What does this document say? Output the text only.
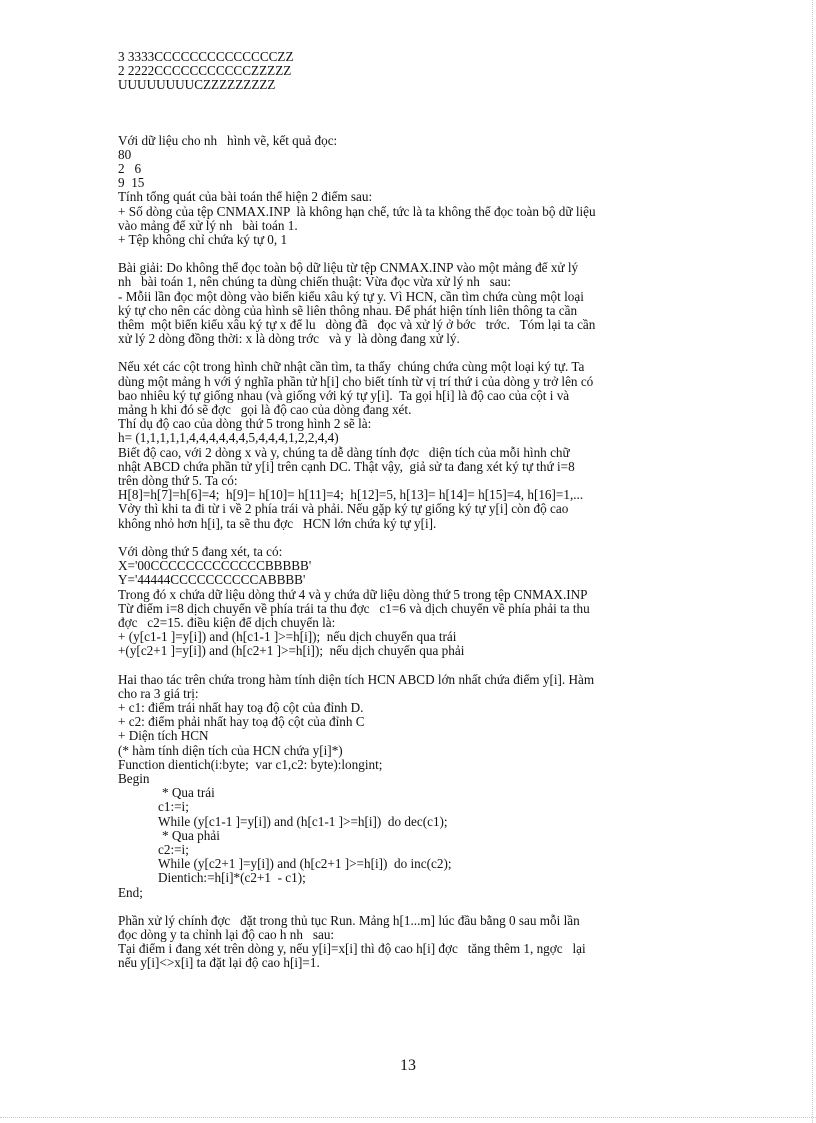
3 3333CCCCCCCCCCCCCCZZ

2 2222CCCCCCCCCCCZZZZZ

UUUUUUUUCZZZZZZZZZ

Với dữ liệu cho nh   hình vẽ, kết quả đọc:

80

2   6

9  15

Tính tổng quát của bài toán thể hiện 2 điểm sau:

+ Số dòng của tệp CNMAX.INP  là không hạn chế, tức là ta không thể đọc toàn bộ dữ liệu

vào mảng để xử lý nh   bài toán 1.

+ Tệp không chỉ chứa ký tự 0, 1

Bài giải: Do không thể đọc toàn bộ dữ liệu từ tệp CNMAX.INP vào một mảng để xử lý

nh   bài toán 1, nên chúng ta dùng chiến thuật: Vừa đọc vừa xử lý nh   sau:

- Mỗii lần đọc một dòng vào biến kiểu xâu ký tự y. Vì HCN, cần tìm chứa cùng một loại

ký tự cho nên các dòng của hình sẽ liên thông nhau. Để phát hiện tính liên thông ta cần

thêm  một biến kiểu xâu ký tự x để lu   dòng đã   đọc và xử lý ở bớc   trớc.   Tóm lại ta cần

xử lý 2 dòng đồng thời: x là dòng trớc   và y  là dòng đang xử lý.

Nếu xét các cột trong hình chữ nhật cần tìm, ta thấy  chúng chứa cùng một loại ký tự. Ta

dùng một mảng h với ý nghĩa phần tử h[i] cho biết tính từ vị trí thứ i của dòng y trở lên có

bao nhiêu ký tự giống nhau (và giống với ký tự y[i].  Ta gọi h[i] là độ cao của cột i và

mảng h khi đó sẽ đợc   gọi là độ cao của dòng đang xét.

Thí dụ độ cao của dòng thứ 5 trong hình 2 sẽ là:

h= (1,1,1,1,1,4,4,4,4,4,4,5,4,4,4,1,2,2,4,4)

Biết độ cao, với 2 dòng x và y, chúng ta dễ dàng tính đợc   diện tích của mỗi hình chữ

nhật ABCD chứa phần tử y[i] trên cạnh DC. Thật vậy,  giả sử ta đang xét ký tự thứ i=8

trên dòng thứ 5. Ta có:

H[8]=h[7]=h[6]=4;  h[9]= h[10]= h[11]=4;  h[12]=5, h[13]= h[14]= h[15]=4, h[16]=1,...

Vởy thì khi ta đi từ i về 2 phía trái và phải. Nếu gặp ký tự giống ký tự y[i] còn độ cao

không nhỏ hơn h[i], ta sẽ thu đợc   HCN lớn chứa ký tự y[i].

Với dòng thứ 5 đang xét, ta có:

X='00CCCCCCCCCCCCCBBBBB'

Y='44444CCCCCCCCCCABBBB'

Trong đó x chứa dữ liệu dòng thứ 4 và y chứa dữ liệu dòng thứ 5 trong tệp CNMAX.INP

Từ điểm i=8 dịch chuyển về phía trái ta thu đợc   c1=6 và dịch chuyển về phía phải ta thu

đợc   c2=15. điều kiện để dịch chuyển là:

+ (y[c1-1 ]=y[i]) and (h[c1-1 ]>=h[i]);  nếu dịch chuyển qua trái

+(y[c2+1 ]=y[i]) and (h[c2+1 ]>=h[i]);  nếu dịch chuyển qua phải

Hai thao tác trên chứa trong hàm tính diện tích HCN ABCD lớn nhất chứa điểm y[i]. Hàm

cho ra 3 giá trị:

+ c1: điểm trái nhất hay toạ độ cột của đỉnh D.

+ c2: điểm phải nhất hay toạ độ cột của đỉnh C

+ Diện tích HCN

(* hàm tính diện tích của HCN chứa y[i]*)

Function dientich(i:byte;  var c1,c2: byte):longint;

Begin

* Qua trái

c1:=i;

While (y[c1-1 ]=y[i]) and (h[c1-1 ]>=h[i])  do dec(c1);

* Qua phải

c2:=i;

While (y[c2+1 ]=y[i]) and (h[c2+1 ]>=h[i])  do inc(c2);

Dientich:=h[i]*(c2+1  - c1);

End;

Phần xử lý chính đợc   đặt trong thủ tục Run. Mảng h[1...m] lúc đầu bằng 0 sau mỗi lần

đọc dòng y ta chỉnh lại độ cao h nh   sau:

Tại điểm i đang xét trên dòng y, nếu y[i]=x[i] thì độ cao h[i] đợc   tăng thêm 1, ngợc   lại

nếu y[i]<>x[i] ta đặt lại độ cao h[i]=1.

13
